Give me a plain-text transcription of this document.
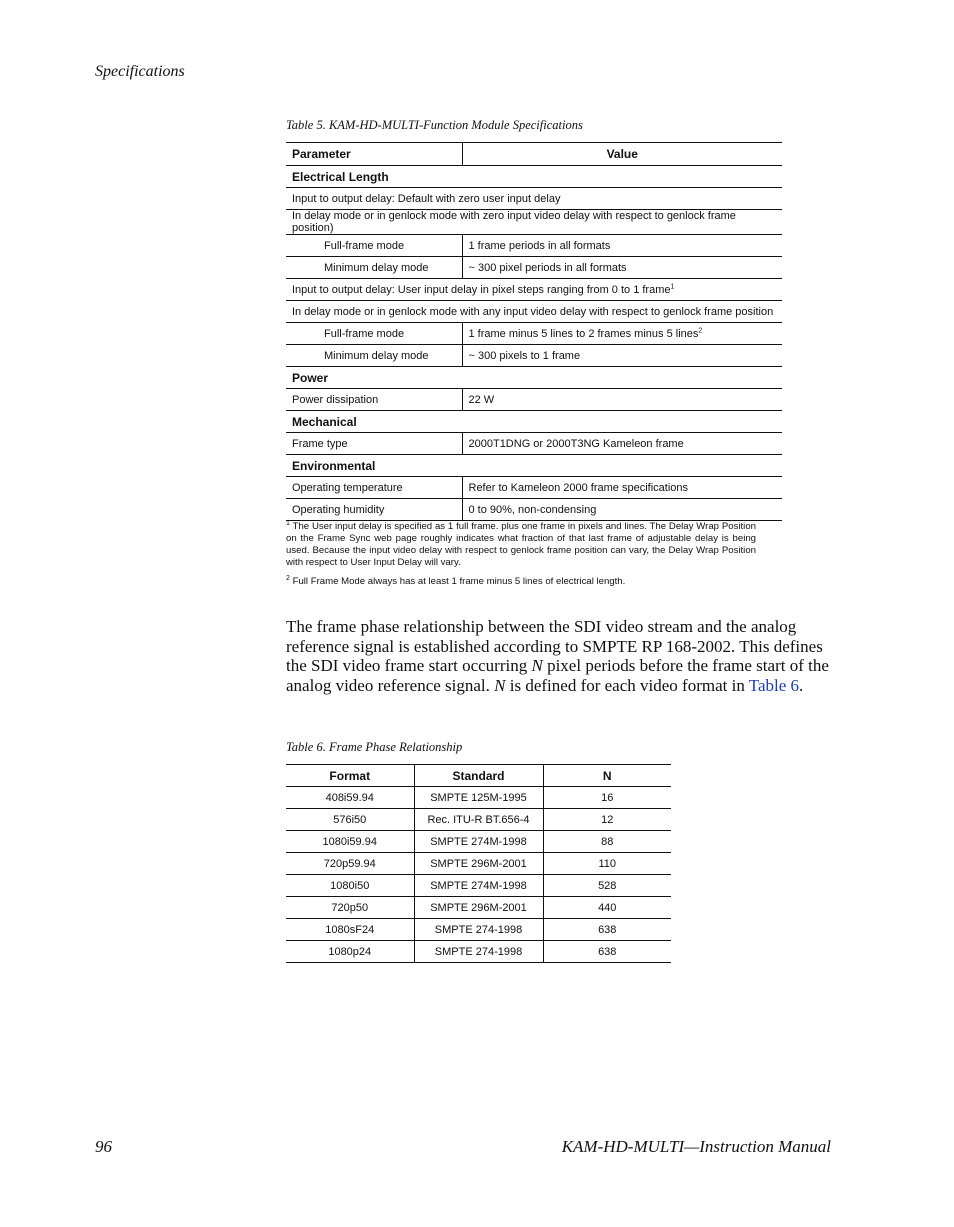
Specifications
Table 5. KAM-HD-MULTI-Function Module Specifications
Parameter	Value
Electrical Length	
Input to output delay: Default with zero user input delay	
In delay mode or in genlock mode with zero input video delay with respect to genlock frame position)	
Full-frame mode	1 frame periods in all formats
Minimum delay mode	~ 300 pixel periods in all formats
Input to output delay: User input delay in pixel steps ranging from 0 to 1 frame$^1$
In delay mode or in genlock mode with any input video delay with respect to genlock frame position	
Full-frame mode	1 frame minus 5 lines to 2 frames minus 5 lines$^2$
Minimum delay mode	~ 300 pixels to 1 frame
Power	
Power dissipation	22 W
Mechanical	
Frame type	2000T1DNG or 2000T3NG Kameleon frame
Environmental	
Operating temperature	Refer to Kameleon 2000 frame specifications
Operating humidity	0 to 90%, non-condensing
$^1$ The User input delay is specified as 1 full frame. plus one frame in pixels and lines. The Delay Wrap Position on the Frame Sync web page roughly indicates what fraction of that last frame of adjustable delay is being used. Because the input video delay with respect to genlock frame position can vary, the Delay Wrap Position with respect to User Input Delay will vary.
$^2$ Full Frame Mode always has at least 1 frame minus 5 lines of electrical length.

The frame phase relationship between the SDI video stream and the analog reference signal is established according to SMPTE RP 168-2002. This defines the SDI video frame start occurring N pixel periods before the frame start of the analog video reference signal. N is defined for each video format in Table 6.

Table 6. Frame Phase Relationship
Format	Standard	N
408i59.94	SMPTE 125M-1995	16
576i50	Rec. ITU-R BT.656-4	12
1080i59.94	SMPTE 274M-1998	88
720p59.94	SMPTE 296M-2001	110
1080i50	SMPTE 274M-1998	528
720p50	SMPTE 296M-2001	440
1080sF24	SMPTE 274-1998	638
1080p24	SMPTE 274-1998	638
96	KAM-HD-MULTI—Instruction Manual
